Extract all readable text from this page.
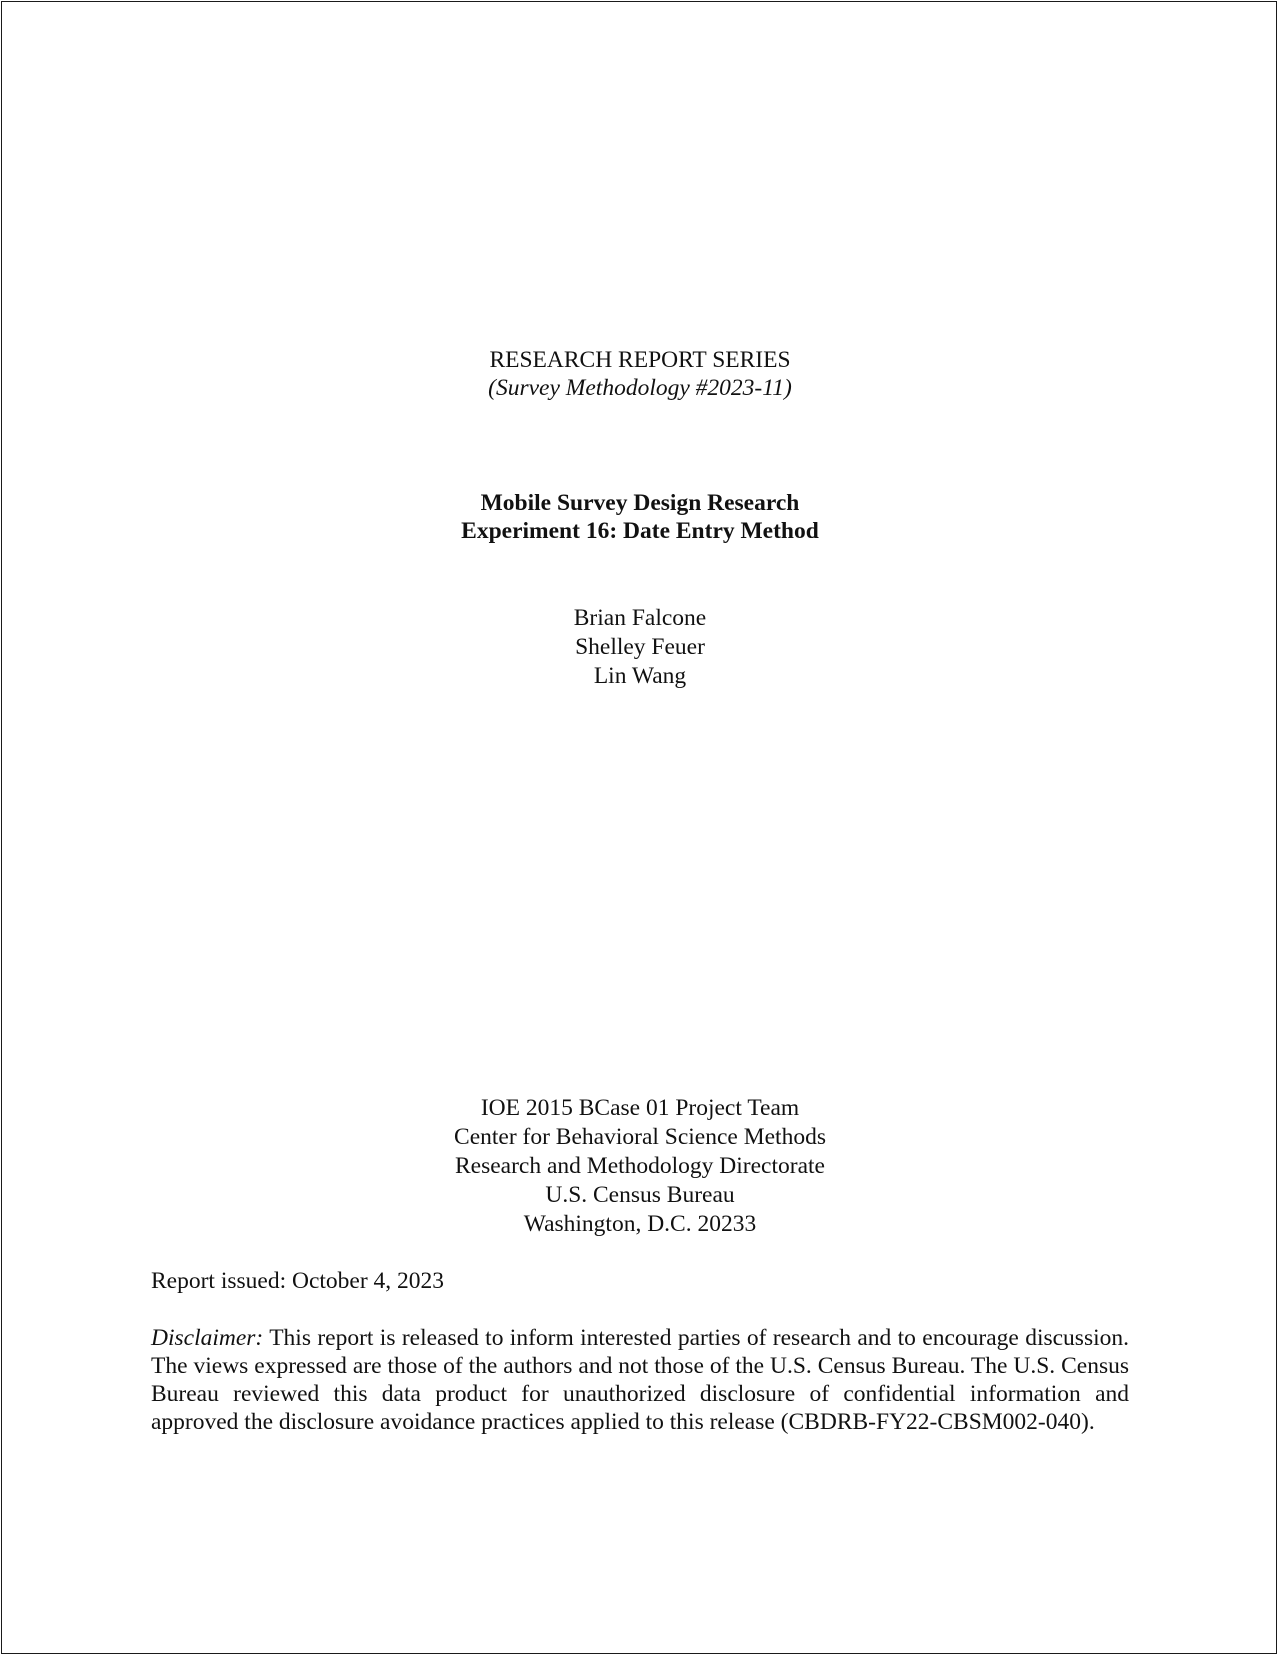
RESEARCH REPORT SERIES
(Survey Methodology #2023-11)
Mobile Survey Design Research
Experiment 16: Date Entry Method
Brian Falcone
Shelley Feuer
Lin Wang
IOE 2015 BCase 01 Project Team
Center for Behavioral Science Methods
Research and Methodology Directorate
U.S. Census Bureau
Washington, D.C. 20233
Report issued: October 4, 2023
Disclaimer: This report is released to inform interested parties of research and to encourage discussion. The views expressed are those of the authors and not those of the U.S. Census Bureau. The U.S. Census Bureau reviewed this data product for unauthorized disclosure of confidential information and approved the disclosure avoidance practices applied to this release (CBDRB-FY22-CBSM002-040).
